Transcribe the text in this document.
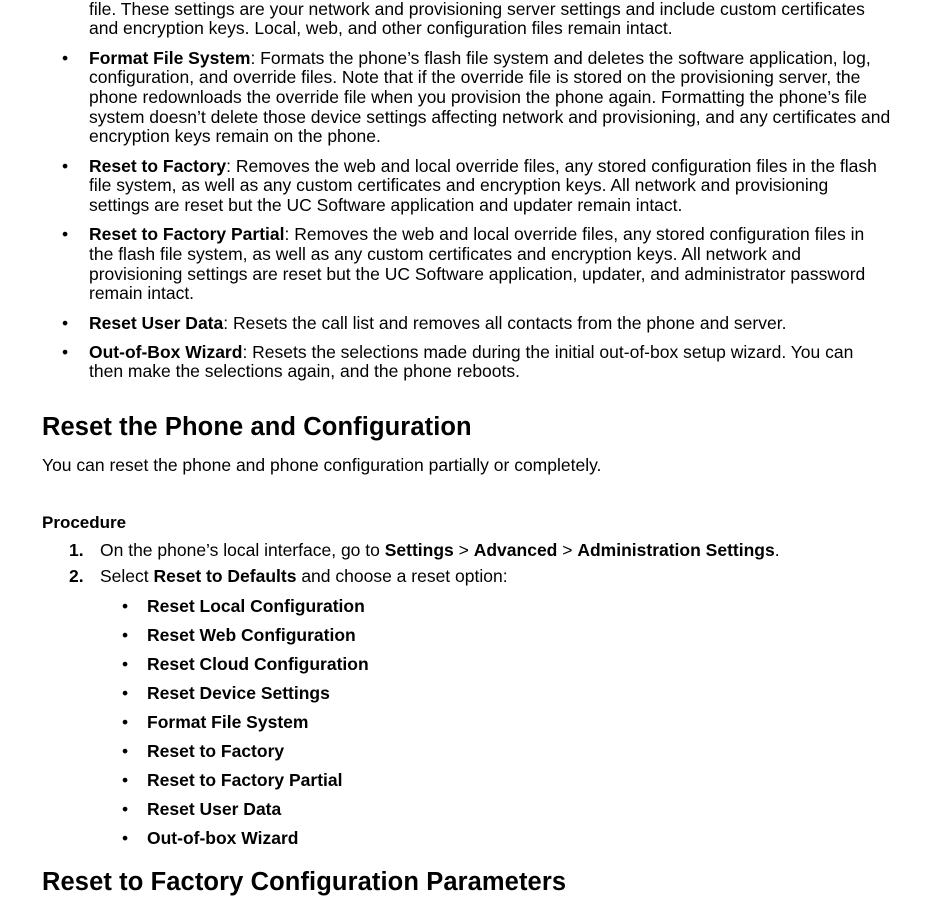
file. These settings are your network and provisioning server settings and include custom certificates and encryption keys. Local, web, and other configuration files remain intact.
• Format File System: Formats the phone’s flash file system and deletes the software application, log, configuration, and override files. Note that if the override file is stored on the provisioning server, the phone redownloads the override file when you provision the phone again. Formatting the phone’s file system doesn’t delete those device settings affecting network and provisioning, and any certificates and encryption keys remain on the phone.
• Reset to Factory: Removes the web and local override files, any stored configuration files in the flash file system, as well as any custom certificates and encryption keys. All network and provisioning settings are reset but the UC Software application and updater remain intact.
• Reset to Factory Partial: Removes the web and local override files, any stored configuration files in the flash file system, as well as any custom certificates and encryption keys. All network and provisioning settings are reset but the UC Software application, updater, and administrator password remain intact.
• Reset User Data: Resets the call list and removes all contacts from the phone and server.
• Out-of-Box Wizard: Resets the selections made during the initial out-of-box setup wizard. You can then make the selections again, and the phone reboots.
Reset the Phone and Configuration

You can reset the phone and phone configuration partially or completely.

Procedure

1. On the phone’s local interface, go to Settings > Advanced > Administration Settings.
2. Select Reset to Defaults and choose a reset option:
• Reset Local Configuration
• Reset Web Configuration
• Reset Cloud Configuration
• Reset Device Settings
• Format File System
• Reset to Factory
• Reset to Factory Partial
• Reset User Data
• Out-of-box Wizard
Reset to Factory Configuration Parameters
